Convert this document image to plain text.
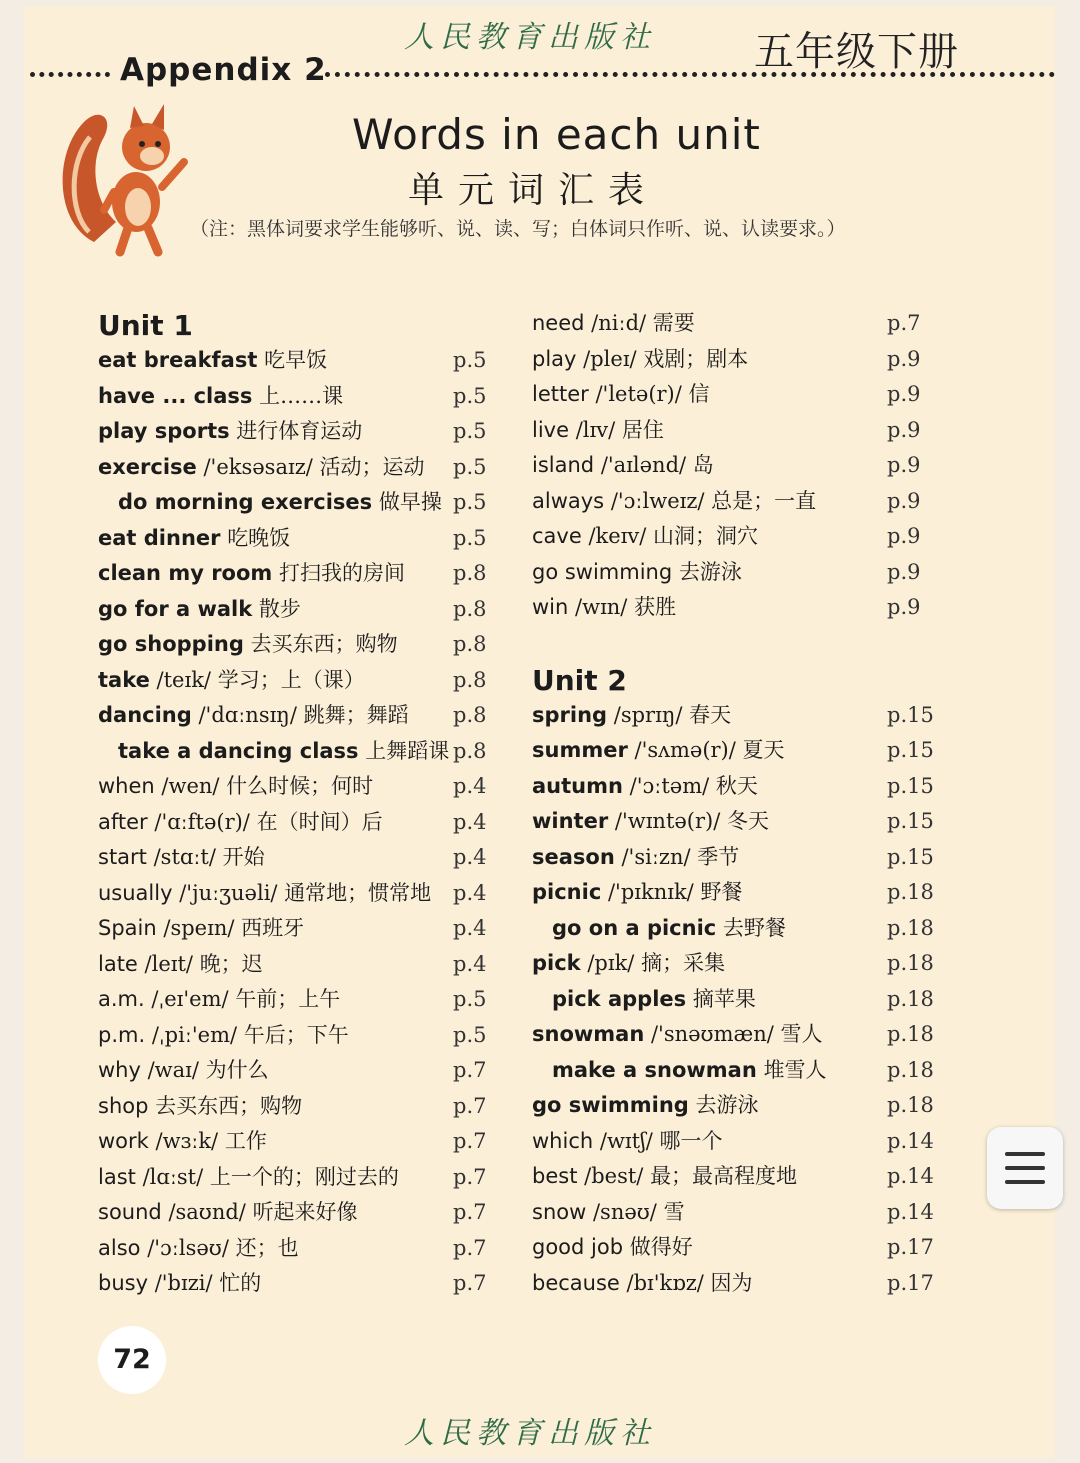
人民教育出版社 五年级下册
Appendix 2
Words in each unit
单元词汇表
（注：黑体词要求学生能够听、说、读、写；白体词只作听、说、认读要求。）
Unit 1
eat breakfast 吃早饭	p.5
have ... class 上……课	p.5
play sports 进行体育运动	p.5
exercise /'eksəsaɪz/ 活动；运动 p.5
do morning exercises 做早操 p.5
eat dinner 吃晚饭	p.5
clean my room 打扫我的房间 p.8
go for a walk 散步	p.8
go shopping 去买东西；购物	p.8
take /teɪk/ 学习；上（课）	p.8
dancing /'dɑːnsɪŋ/ 跳舞；舞蹈 p.8
take a dancing class 上舞蹈课 p.8
when /wen/ 什么时候；何时	p.4
after /'ɑːftə(r)/ 在（时间）后	p.4
start /stɑːt/ 开始	p.4
usually /'juːʒuəli/ 通常地；惯常地 p.4
Spain /speɪn/ 西班牙	p.4
late /leɪt/ 晚；迟	p.4
a.m. /ˌeɪ'em/ 午前；上午	p.5
p.m. /ˌpiː'em/ 午后；下午	p.5
why /waɪ/ 为什么	p.7
shop 去买东西；购物	p.7
work /wɜːk/ 工作	p.7
last /lɑːst/ 上一个的；刚过去的	p.7
sound /saʊnd/ 听起来好像	p.7
also /'ɔːlsəʊ/ 还；也	p.7
busy /'bɪzi/ 忙的	p.7
need /niːd/ 需要	p.7
play /pleɪ/ 戏剧；剧本	p.9
letter /'letə(r)/ 信	p.9
live /lɪv/ 居住	p.9
island /'aɪlənd/ 岛	p.9
always /'ɔːlweɪz/ 总是；一直	p.9
cave /keɪv/ 山洞；洞穴	p.9
go swimming 去游泳	p.9
win /wɪn/ 获胜	p.9
Unit 2
spring /sprɪŋ/ 春天	p.15
summer /'sʌmə(r)/ 夏天	p.15
autumn /'ɔːtəm/ 秋天	p.15
winter /'wɪntə(r)/ 冬天	p.15
season /'siːzn/ 季节	p.15
picnic /'pɪknɪk/ 野餐	p.18
go on a picnic 去野餐	p.18
pick /pɪk/ 摘；采集	p.18
pick apples 摘苹果	p.18
snowman /'snəʊmæn/ 雪人	p.18
make a snowman 堆雪人	p.18
go swimming 去游泳	p.18
which /wɪtʃ/ 哪一个	p.14
best /best/ 最；最高程度地	p.14
snow /snəʊ/ 雪	p.14
good job 做得好	p.17
because /bɪ'kɒz/ 因为	p.17
72
人民教育出版社
